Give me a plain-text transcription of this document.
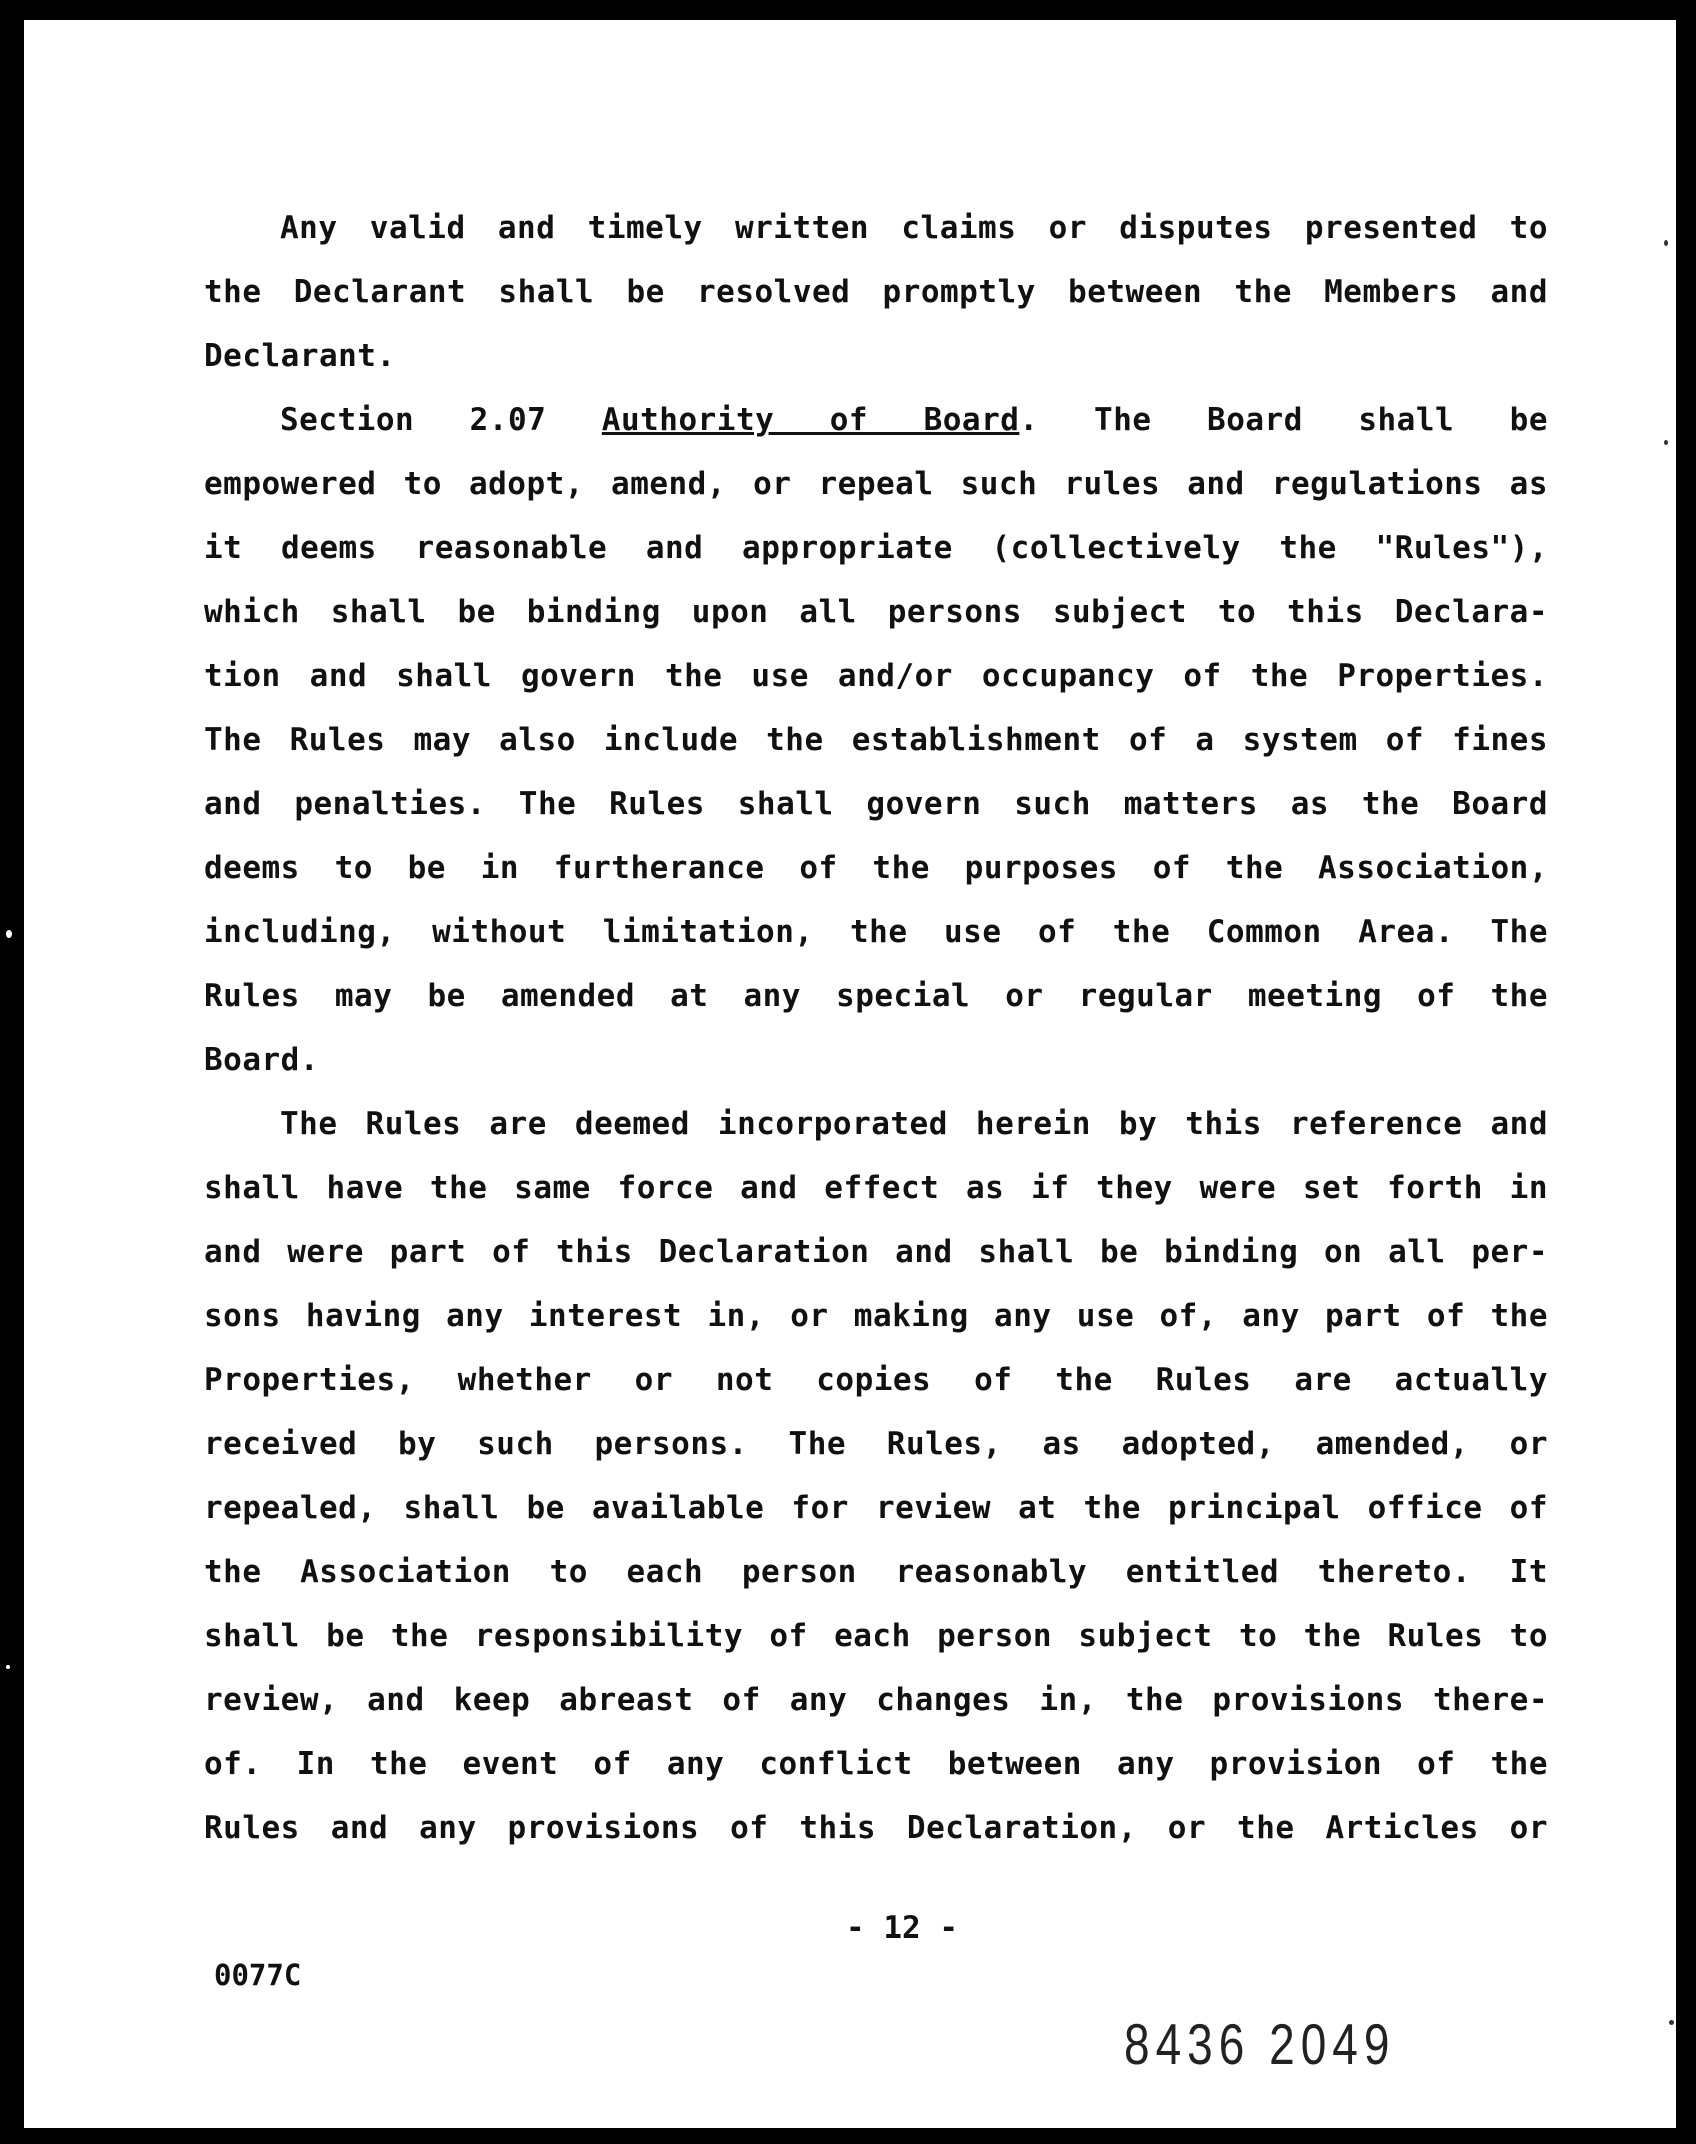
Any valid and timely written claims or disputes presented to
the Declarant shall be resolved promptly between the Members and
Declarant.
Section 2.07 Authority of Board. The Board shall be
empowered to adopt, amend, or repeal such rules and regulations as
it deems reasonable and appropriate (collectively the "Rules"),
which shall be binding upon all persons subject to this Declara-
tion and shall govern the use and/or occupancy of the Properties.
The Rules may also include the establishment of a system of fines
and penalties. The Rules shall govern such matters as the Board
deems to be in furtherance of the purposes of the Association,
including, without limitation, the use of the Common Area. The
Rules may be amended at any special or regular meeting of the
Board.
The Rules are deemed incorporated herein by this reference and
shall have the same force and effect as if they were set forth in
and were part of this Declaration and shall be binding on all per-
sons having any interest in, or making any use of, any part of the
Properties, whether or not copies of the Rules are actually
received by such persons. The Rules, as adopted, amended, or
repealed, shall be available for review at the principal office of
the Association to each person reasonably entitled thereto. It
shall be the responsibility of each person subject to the Rules to
review, and keep abreast of any changes in, the provisions there-
of. In the event of any conflict between any provision of the
Rules and any provisions of this Declaration, or the Articles or
- 12 -
0077C
8436 2049
